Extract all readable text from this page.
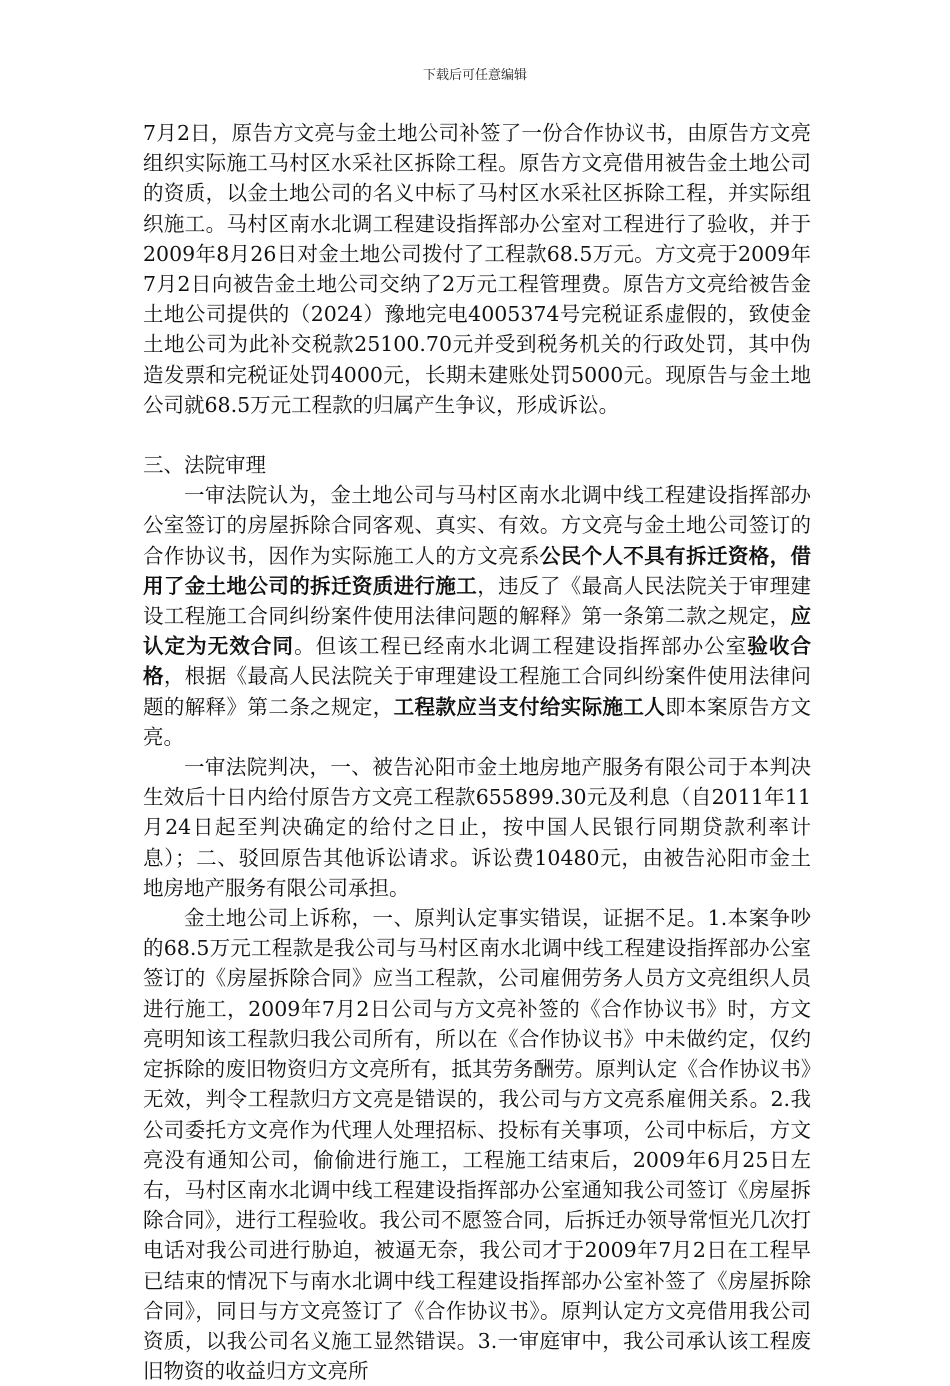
下载后可任意编辑

7月2日，原告方文亮与金土地公司补签了一份合作协议书，由原告方文亮组织实际施工马村区水采社区拆除工程。原告方文亮借用被告金土地公司的资质，以金土地公司的名义中标了马村区水采社区拆除工程，并实际组织施工。马村区南水北调工程建设指挥部办公室对工程进行了验收，并于2009年8月26日对金土地公司拨付了工程款68.5万元。方文亮于2009年7月2日向被告金土地公司交纳了2万元工程管理费。原告方文亮给被告金土地公司提供的（2024）豫地完电4005374号完税证系虚假的，致使金土地公司为此补交税款25100.70元并受到税务机关的行政处罚，其中伪造发票和完税证处罚4000元，长期未建账处罚5000元。现原告与金土地公司就68.5万元工程款的归属产生争议，形成诉讼。

三、法院审理

一审法院认为，金土地公司与马村区南水北调中线工程建设指挥部办公室签订的房屋拆除合同客观、真实、有效。方文亮与金土地公司签订的合作协议书，因作为实际施工人的方文亮系公民个人不具有拆迁资格，借用了金土地公司的拆迁资质进行施工，违反了《最高人民法院关于审理建设工程施工合同纠纷案件使用法律问题的解释》第一条第二款之规定，应认定为无效合同。但该工程已经南水北调工程建设指挥部办公室验收合格，根据《最高人民法院关于审理建设工程施工合同纠纷案件使用法律问题的解释》第二条之规定，工程款应当支付给实际施工人即本案原告方文亮。

一审法院判决，一、被告沁阳市金土地房地产服务有限公司于本判决生效后十日内给付原告方文亮工程款655899.30元及利息（自2011年11月24日起至判决确定的给付之日止，按中国人民银行同期贷款利率计息）；二、驳回原告其他诉讼请求。诉讼费10480元，由被告沁阳市金土地房地产服务有限公司承担。

金土地公司上诉称，一、原判认定事实错误，证据不足。1.本案争吵的68.5万元工程款是我公司与马村区南水北调中线工程建设指挥部办公室签订的《房屋拆除合同》应当工程款，公司雇佣劳务人员方文亮组织人员进行施工，2009年7月2日公司与方文亮补签的《合作协议书》时，方文亮明知该工程款归我公司所有，所以在《合作协议书》中未做约定，仅约定拆除的废旧物资归方文亮所有，抵其劳务酬劳。原判认定《合作协议书》无效，判令工程款归方文亮是错误的，我公司与方文亮系雇佣关系。2.我公司委托方文亮作为代理人处理招标、投标有关事项，公司中标后，方文亮没有通知公司，偷偷进行施工，工程施工结束后，2009年6月25日左右，马村区南水北调中线工程建设指挥部办公室通知我公司签订《房屋拆除合同》，进行工程验收。我公司不愿签合同，后拆迁办领导常恒光几次打电话对我公司进行胁迫，被逼无奈，我公司才于2009年7月2日在工程早已结束的情况下与南水北调中线工程建设指挥部办公室补签了《房屋拆除合同》，同日与方文亮签订了《合作协议书》。原判认定方文亮借用我公司资质，以我公司名义施工显然错误。3.一审庭审中，我公司承认该工程废旧物资的收益归方文亮所
